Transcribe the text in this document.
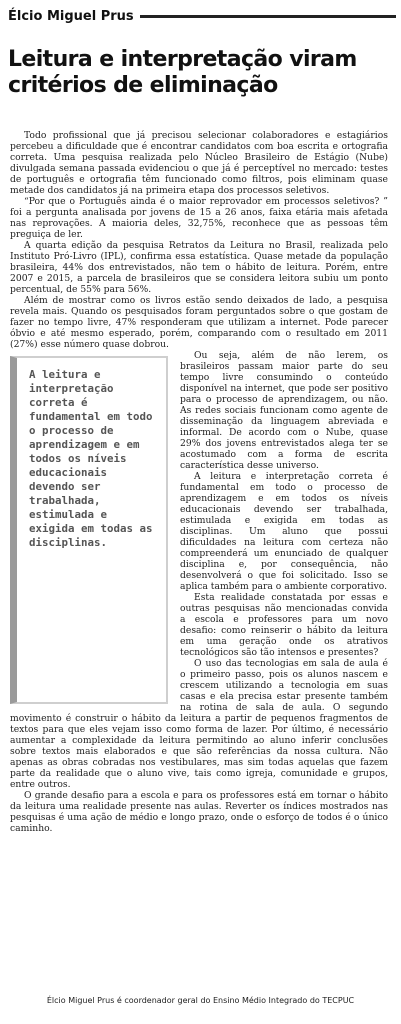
Élcio Miguel Prus
Leitura e interpretação viram critérios de eliminação

Todo profissional que já precisou selecionar colaboradores e estagiários percebeu a dificuldade que é encontrar candidatos com boa escrita e ortografia correta. Uma pesquisa realizada pelo Núcleo Brasileiro de Estágio (Nube) divulgada semana passada evidenciou o que já é perceptível no mercado: testes de português e ortografia têm funcionado como filtros, pois eliminam quase metade dos candidatos já na primeira etapa dos processos seletivos.

“Por que o Português ainda é o maior reprovador em processos seletivos? ” foi a pergunta analisada por jovens de 15 a 26 anos, faixa etária mais afetada nas reprovações. A maioria deles, 32,75%, reconhece que as pessoas têm preguiça de ler.

A quarta edição da pesquisa Retratos da Leitura no Brasil, realizada pelo Instituto Pró-Livro (IPL), confirma essa estatística. Quase metade da população brasileira, 44% dos entrevistados, não tem o hábito de leitura. Porém, entre 2007 e 2015, a parcela de brasileiros que se considera leitora subiu um ponto percentual, de 55% para 56%.

Além de mostrar como os livros estão sendo deixados de lado, a pesquisa revela mais. Quando os pesquisados foram perguntados sobre o que gostam de fazer no tempo livre, 47% responderam que utilizam a internet. Pode parecer óbvio e até mesmo esperado, porém, comparando com o resultado em 2011 (27%) esse número quase dobrou.

A leitura e interpretação correta é fundamental em todo o processo de aprendizagem e em todos os níveis educacionais devendo ser trabalhada, estimulada e exigida em todas as disciplinas.

Ou seja, além de não lerem, os brasileiros passam maior parte do seu tempo livre consumindo o conteúdo disponível na internet, que pode ser positivo para o processo de aprendizagem, ou não. As redes sociais funcionam como agente de disseminação da linguagem abreviada e informal. De acordo com o Nube, quase 29% dos jovens entrevistados alega ter se acostumado com a forma de escrita característica desse universo.

A leitura e interpretação correta é fundamental em todo o processo de aprendizagem e em todos os níveis educacionais devendo ser trabalhada, estimulada e exigida em todas as disciplinas. Um aluno que possui dificuldades na leitura com certeza não compreenderá um enunciado de qualquer disciplina e, por consequência, não desenvolverá o que foi solicitado. Isso se aplica também para o ambiente corporativo.

Esta realidade constatada por essas e outras pesquisas não mencionadas convida a escola e professores para um novo desafio: como reinserir o hábito da leitura em uma geração onde os atrativos tecnológicos são tão intensos e presentes?

O uso das tecnologias em sala de aula é o primeiro passo, pois os alunos nascem e crescem utilizando a tecnologia em suas casas e ela precisa estar presente também na rotina de sala de aula. O segundo movimento é construir o hábito da leitura a partir de pequenos fragmentos de textos para que eles vejam isso como forma de lazer. Por último, é necessário aumentar a complexidade da leitura permitindo ao aluno inferir conclusões sobre textos mais elaborados e que são referências da nossa cultura. Não apenas as obras cobradas nos vestibulares, mas sim todas aquelas que fazem parte da realidade que o aluno vive, tais como igreja, comunidade e grupos, entre outros.

O grande desafio para a escola e para os professores está em tornar o hábito da leitura uma realidade presente nas aulas. Reverter os índices mostrados nas pesquisas é uma ação de médio e longo prazo, onde o esforço de todos é o único caminho.

Élcio Miguel Prus é coordenador geral do Ensino Médio Integrado do TECPUC
